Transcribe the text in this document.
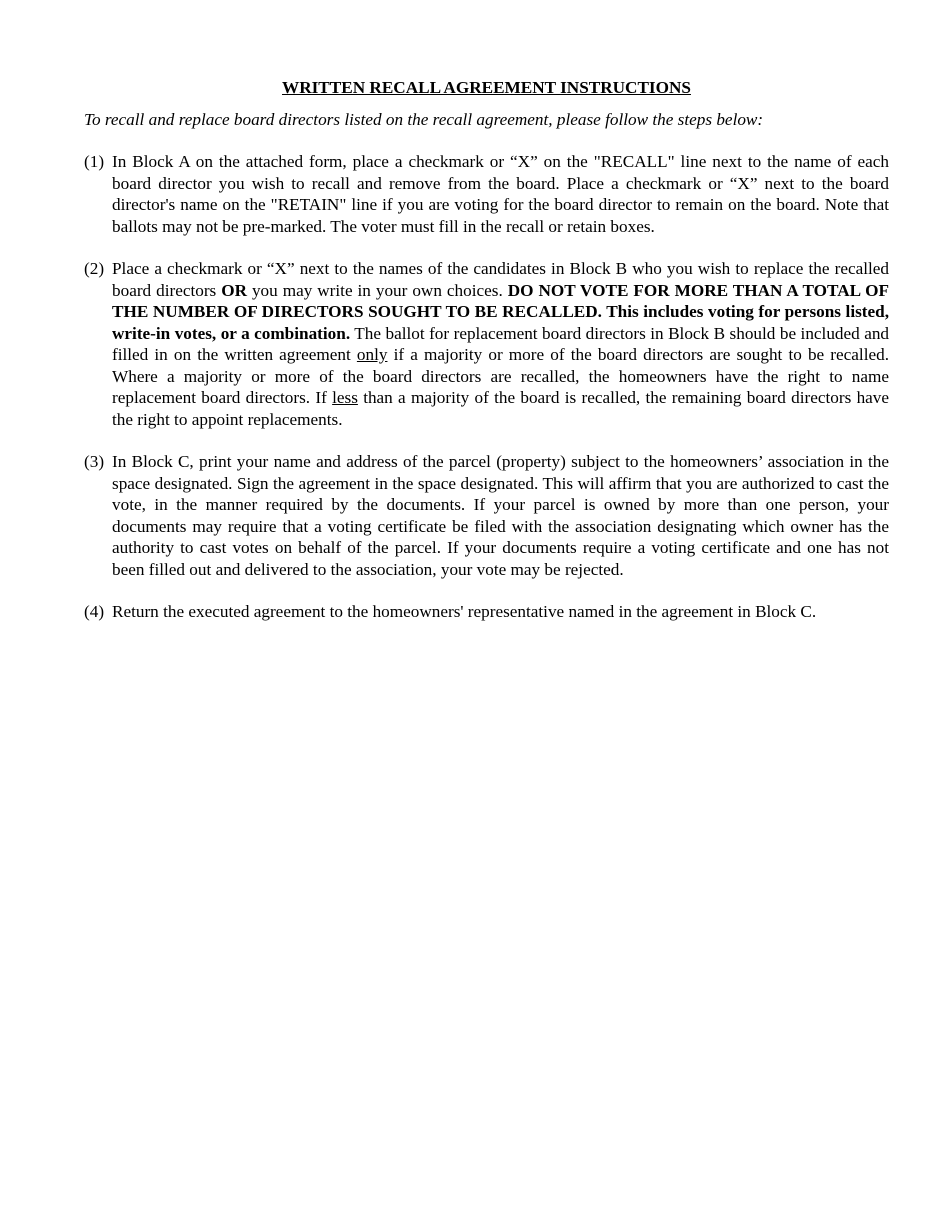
WRITTEN RECALL AGREEMENT INSTRUCTIONS
To recall and replace board directors listed on the recall agreement, please follow the steps below:
(1) In Block A on the attached form, place a checkmark or “X” on the "RECALL" line next to the name of each board director you wish to recall and remove from the board. Place a checkmark or “X” next to the board director's name on the "RETAIN" line if you are voting for the board director to remain on the board. Note that ballots may not be pre-marked. The voter must fill in the recall or retain boxes.
(2) Place a checkmark or “X” next to the names of the candidates in Block B who you wish to replace the recalled board directors OR you may write in your own choices. DO NOT VOTE FOR MORE THAN A TOTAL OF THE NUMBER OF DIRECTORS SOUGHT TO BE RECALLED. This includes voting for persons listed, write-in votes, or a combination. The ballot for replacement board directors in Block B should be included and filled in on the written agreement only if a majority or more of the board directors are sought to be recalled. Where a majority or more of the board directors are recalled, the homeowners have the right to name replacement board directors. If less than a majority of the board is recalled, the remaining board directors have the right to appoint replacements.
(3) In Block C, print your name and address of the parcel (property) subject to the homeowners’ association in the space designated. Sign the agreement in the space designated. This will affirm that you are authorized to cast the vote, in the manner required by the documents. If your parcel is owned by more than one person, your documents may require that a voting certificate be filed with the association designating which owner has the authority to cast votes on behalf of the parcel. If your documents require a voting certificate and one has not been filled out and delivered to the association, your vote may be rejected.
(4) Return the executed agreement to the homeowners' representative named in the agreement in Block C.
